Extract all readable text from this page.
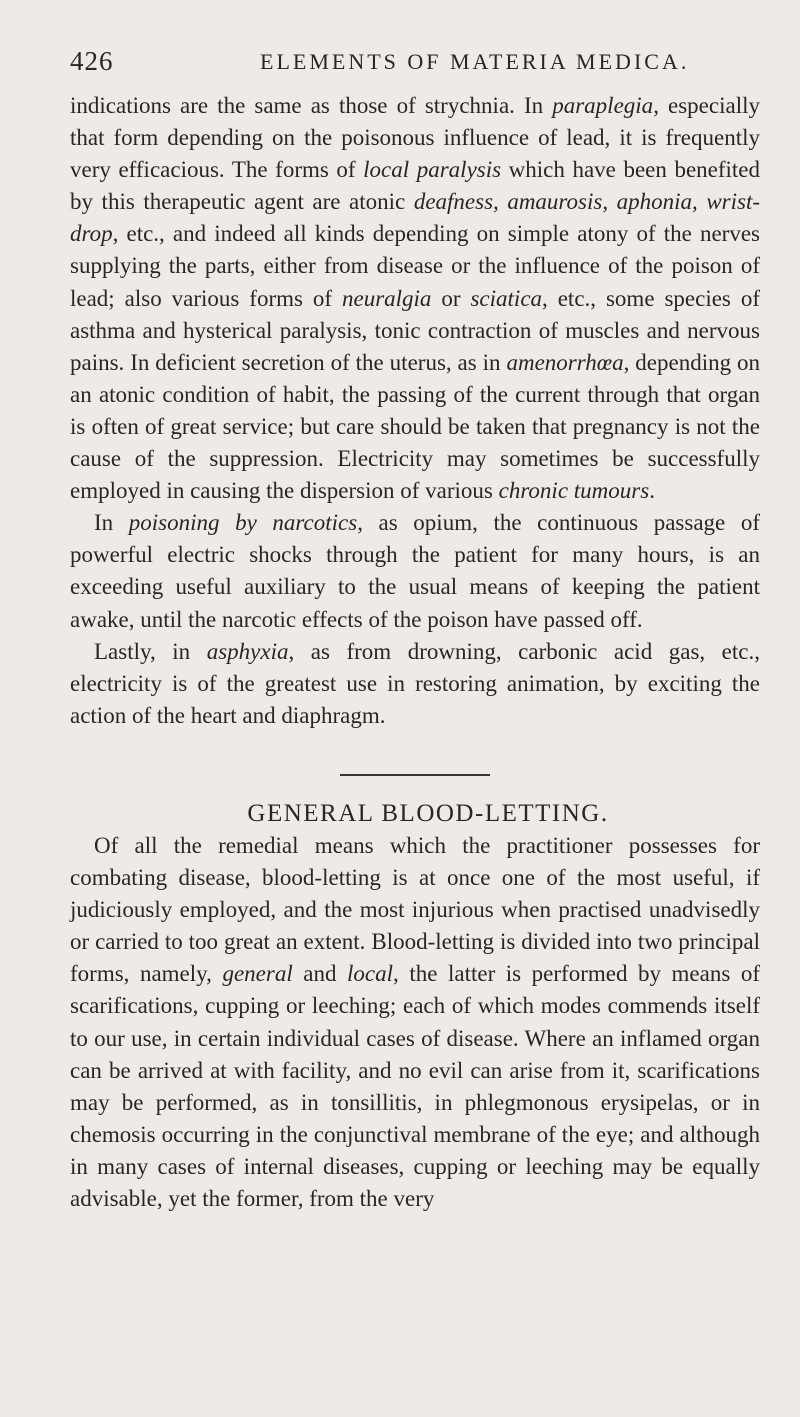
426	ELEMENTS OF MATERIA MEDICA.

indications are the same as those of strychnia. In paraplegia, especially that form depending on the poisonous influence of lead, it is frequently very efficacious. The forms of local paralysis which have been benefited by this therapeutic agent are atonic deafness, amaurosis, aphonia, wrist-drop, etc., and indeed all kinds depending on simple atony of the nerves supplying the parts, either from disease or the influence of the poison of lead; also various forms of neuralgia or sciatica, etc., some species of asthma and hysterical paralysis, tonic contraction of muscles and nervous pains. In deficient secretion of the uterus, as in amenorrhœa, depending on an atonic condition of habit, the passing of the current through that organ is often of great service; but care should be taken that pregnancy is not the cause of the suppression. Electricity may sometimes be successfully employed in causing the dispersion of various chronic tumours.

In poisoning by narcotics, as opium, the continuous passage of powerful electric shocks through the patient for many hours, is an exceeding useful auxiliary to the usual means of keeping the patient awake, until the narcotic effects of the poison have passed off.

Lastly, in asphyxia, as from drowning, carbonic acid gas, etc., electricity is of the greatest use in restoring animation, by exciting the action of the heart and diaphragm.

GENERAL BLOOD-LETTING.

Of all the remedial means which the practitioner possesses for combating disease, blood-letting is at once one of the most useful, if judiciously employed, and the most injurious when practised unadvisedly or carried to too great an extent. Blood-letting is divided into two principal forms, namely, general and local, the latter is performed by means of scarifications, cupping or leeching; each of which modes commends itself to our use, in certain individual cases of disease. Where an inflamed organ can be arrived at with facility, and no evil can arise from it, scarifications may be performed, as in tonsillitis, in phlegmonous erysipelas, or in chemosis occurring in the conjunctival membrane of the eye; and although in many cases of internal diseases, cupping or leeching may be equally advisable, yet the former, from the very
